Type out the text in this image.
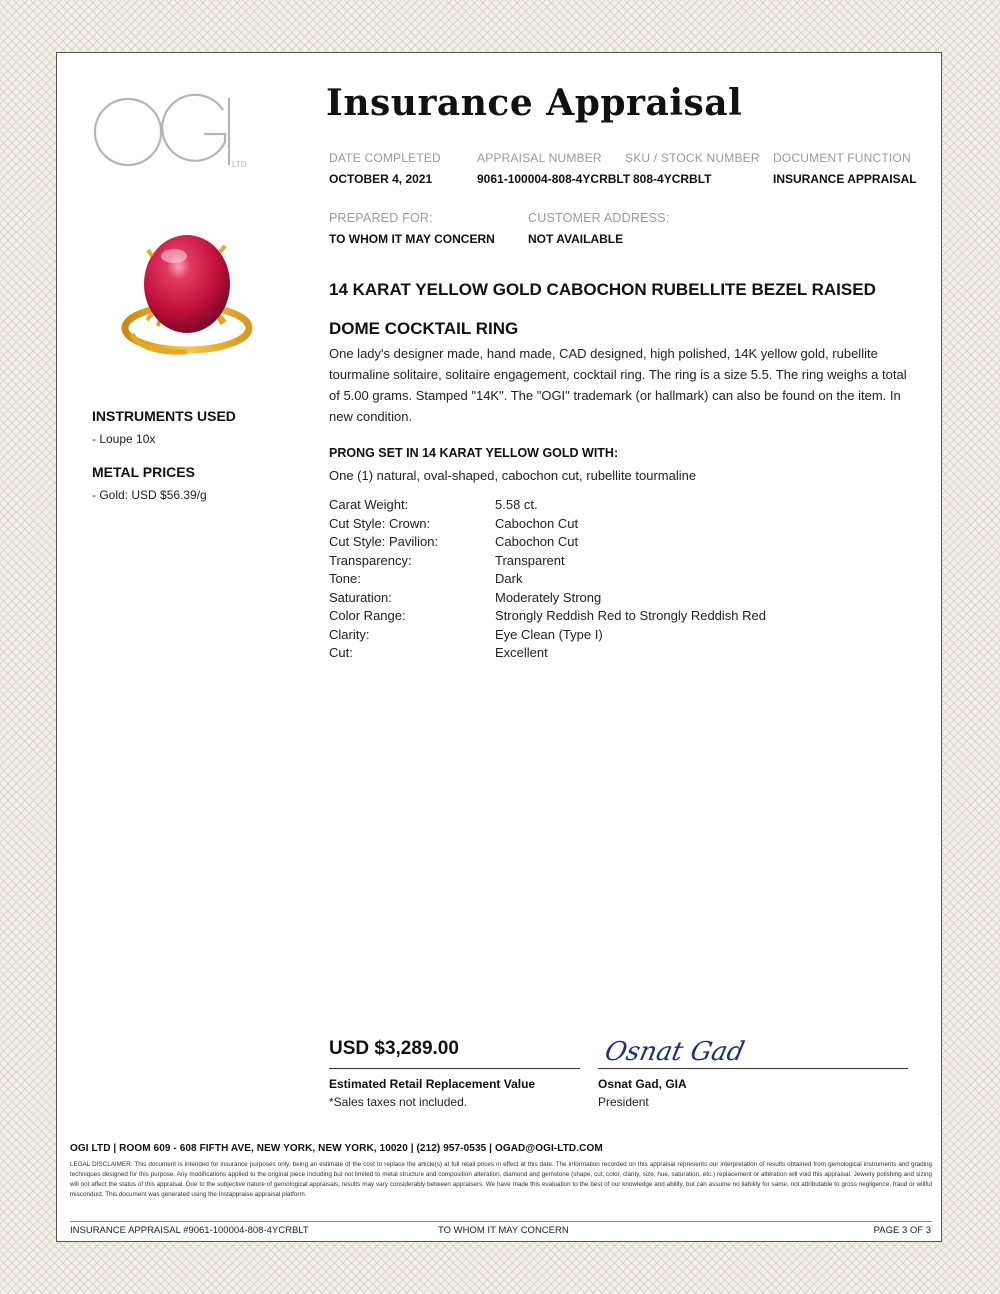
LTD
Insurance Appraisal
DATE COMPLETED
OCTOBER 4, 2021
APPRAISAL NUMBER
9061-100004-808-4YCRBLT
SKU / STOCK NUMBER
808-4YCRBLT
DOCUMENT FUNCTION
INSURANCE APPRAISAL
PREPARED FOR:
TO WHOM IT MAY CONCERN
CUSTOMER ADDRESS:
NOT AVAILABLE
INSTRUMENTS USED
- Loupe 10x
METAL PRICES
- Gold: USD $56.39/g
14 KARAT YELLOW GOLD CABOCHON RUBELLITE BEZEL RAISED
DOME COCKTAIL RING
One lady's designer made, hand made, CAD designed, high polished, 14K yellow gold, rubellite tourmaline solitaire, solitaire engagement, cocktail ring. The ring is a size 5.5. The ring weighs a total of 5.00 grams. Stamped "14K". The "OGI" trademark (or hallmark) can also be found on the item. In new condition.
PRONG SET IN 14 KARAT YELLOW GOLD WITH:
One (1) natural, oval-shaped, cabochon cut, rubellite tourmaline
Carat Weight:	5.58 ct.
Cut Style: Crown:	Cabochon Cut
Cut Style: Pavilion:	Cabochon Cut
Transparency:	Transparent
Tone:	Dark
Saturation:	Moderately Strong
Color Range:	Strongly Reddish Red to Strongly Reddish Red
Clarity:	Eye Clean (Type I)
Cut:	Excellent
USD $3,289.00
Estimated Retail Replacement Value
*Sales taxes not included.
Osnat Gad
Osnat Gad, GIA
President
OGI LTD | ROOM 609 - 608 FIFTH AVE, NEW YORK, NEW YORK, 10020 | (212) 957-0535 | OGAD@OGI-LTD.COM
LEGAL DISCLAIMER: This document is intended for insurance purposes only, being an estimate of the cost to replace the article(s) at full retail prices in effect at this date. The information recorded on this appraisal represents our interpretation of results obtained from gemological instruments and grading techniques designed for this purpose. Any modifications applied to the original piece including but not limited to metal structure and composition alteration, diamond and gemstone (shape, cut, color, clarity, size, hue, saturation, etc.) replacement or alteration will void this appraisal. Jewelry polishing and sizing will not affect the status of this appraisal. Due to the subjective nature of gemological appraisals, results may vary considerably between appraisers. We have made this evaluation to the best of our knowledge and ability, but can assume no liability for same, not attributable to gross negligence, fraud or willful misconduct. This document was generated using the Instappraise appraisal platform.
INSURANCE APPRAISAL #9061-100004-808-4YCRBLT	TO WHOM IT MAY CONCERN	PAGE 3 OF 3
